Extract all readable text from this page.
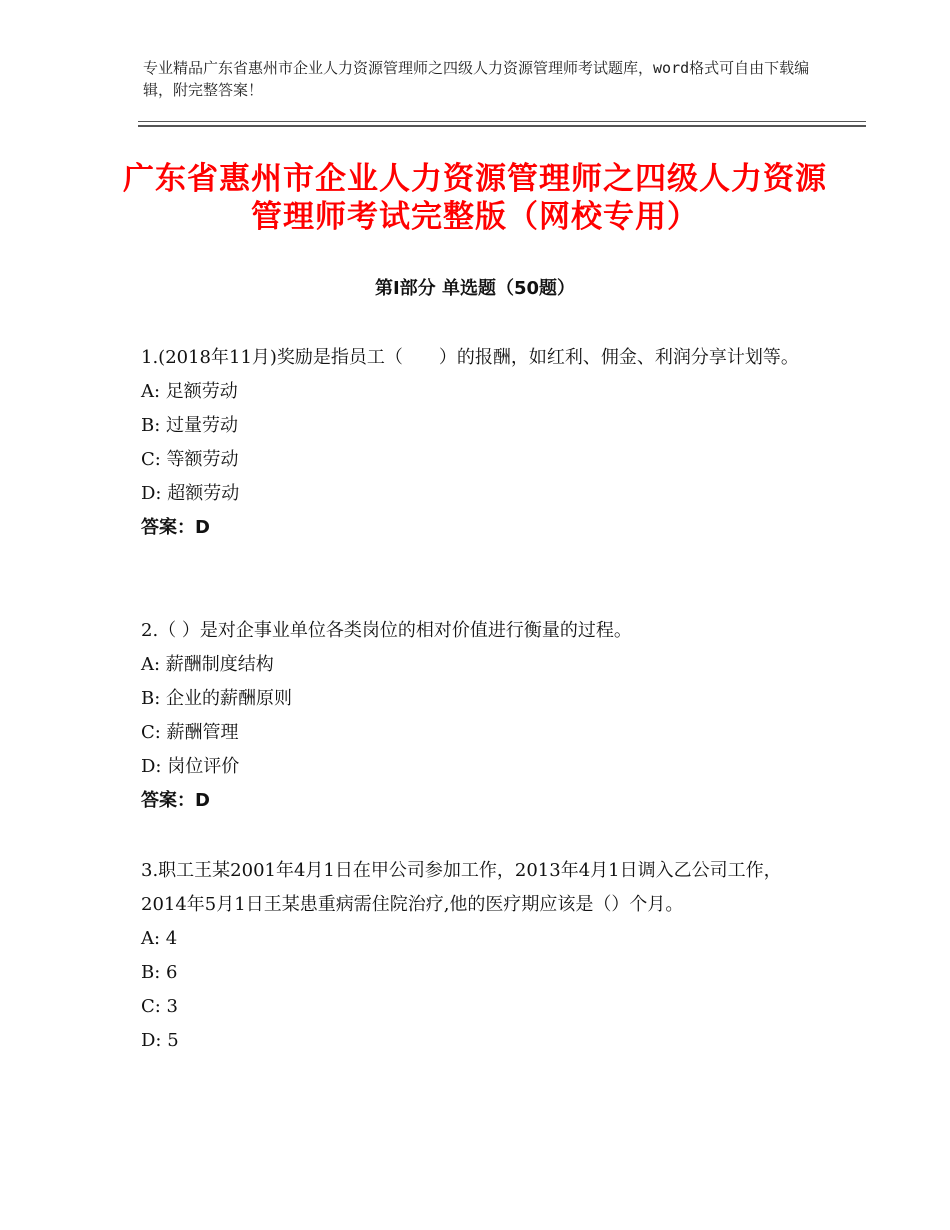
专业精品广东省惠州市企业人力资源管理师之四级人力资源管理师考试题库，word格式可自由下载编辑，附完整答案！
广东省惠州市企业人力资源管理师之四级人力资源管理师考试完整版（网校专用）
第Ⅰ部分 单选题（50题）

1.(2018年11月)奖励是指员工（　　）的报酬，如红利、佣金、利润分享计划等。

A: 足额劳动

B: 过量劳动

C: 等额劳动

D: 超额劳动

答案：D

2.（ ）是对企事业单位各类岗位的相对价值进行衡量的过程。

A: 薪酬制度结构

B: 企业的薪酬原则

C: 薪酬管理

D: 岗位评价

答案：D

3.职工王某2001年4月1日在甲公司参加工作，2013年4月1日调入乙公司工作，2014年5月1日王某患重病需住院治疗,他的医疗期应该是（）个月。

A: 4

B: 6

C: 3

D: 5
